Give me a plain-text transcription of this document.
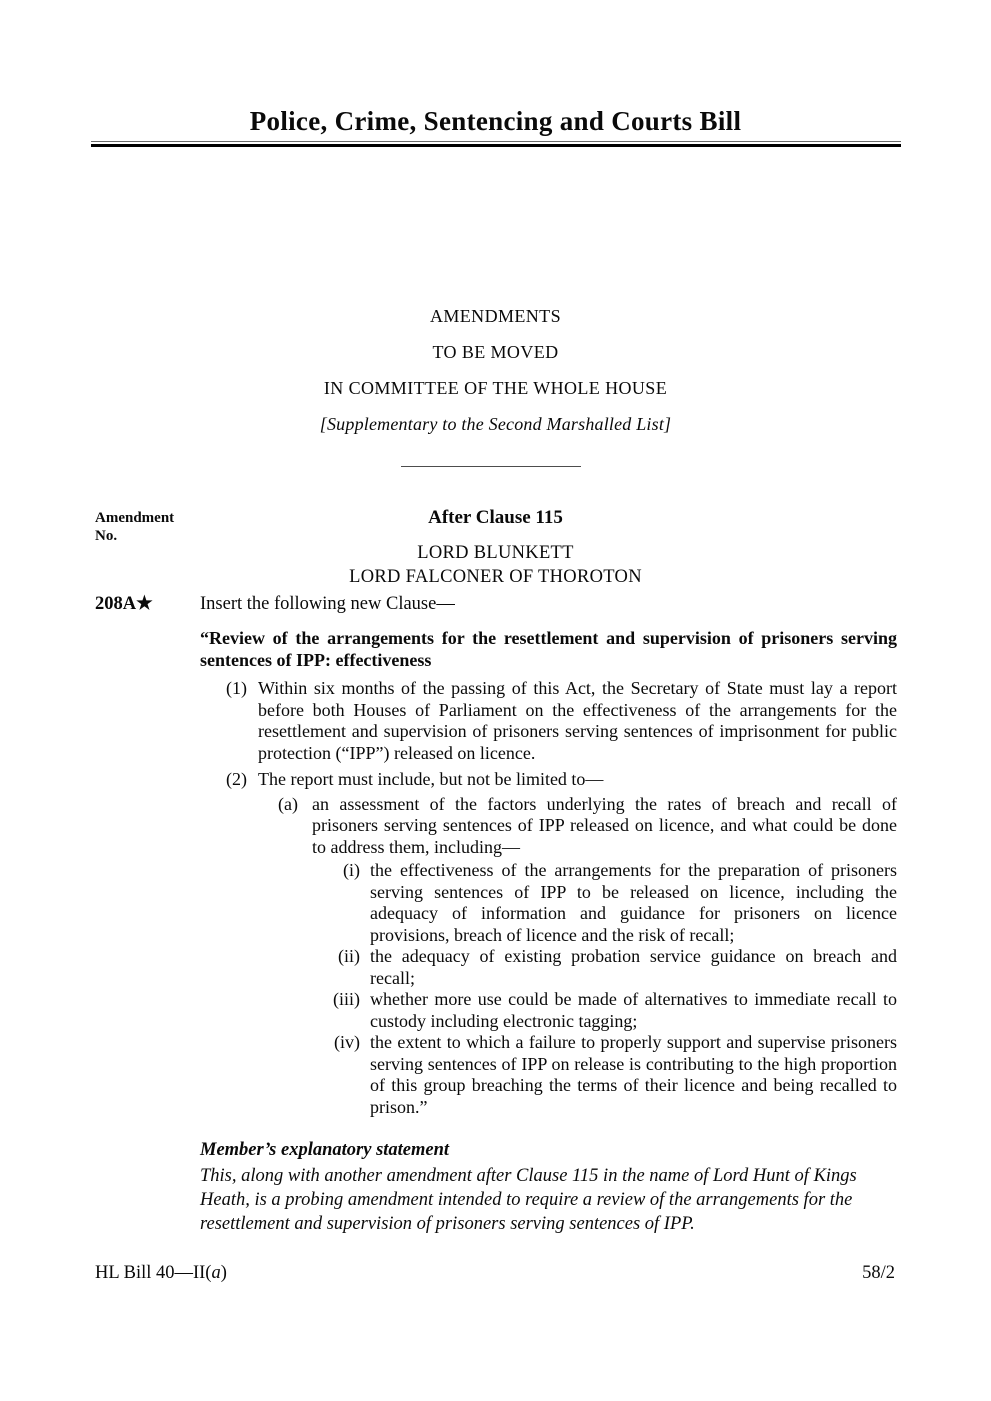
Police, Crime, Sentencing and Courts Bill
AMENDMENTS
TO BE MOVED
IN COMMITTEE OF THE WHOLE HOUSE
[Supplementary to the Second Marshalled List]
Amendment
No.
After Clause 115
LORD BLUNKETT
LORD FALCONER OF THOROTON
208A★	Insert the following new Clause—

“Review of the arrangements for the resettlement and supervision of prisoners serving sentences of IPP: effectiveness

(1) Within six months of the passing of this Act, the Secretary of State must lay a report before both Houses of Parliament on the effectiveness of the arrangements for the resettlement and supervision of prisoners serving sentences of imprisonment for public protection (“IPP”) released on licence.
(2) The report must include, but not be limited to—
(a) an assessment of the factors underlying the rates of breach and recall of prisoners serving sentences of IPP released on licence, and what could be done to address them, including—
(i) the effectiveness of the arrangements for the preparation of prisoners serving sentences of IPP to be released on licence, including the adequacy of information and guidance for prisoners on licence provisions, breach of licence and the risk of recall;
(ii) the adequacy of existing probation service guidance on breach and recall;
(iii) whether more use could be made of alternatives to immediate recall to custody including electronic tagging;
(iv) the extent to which a failure to properly support and supervise prisoners serving sentences of IPP on release is contributing to the high proportion of this group breaching the terms of their licence and being recalled to prison.”

Member’s explanatory statement

This, along with another amendment after Clause 115 in the name of Lord Hunt of Kings Heath, is a probing amendment intended to require a review of the arrangements for the resettlement and supervision of prisoners serving sentences of IPP.

HL Bill 40—II(a)	58/2
